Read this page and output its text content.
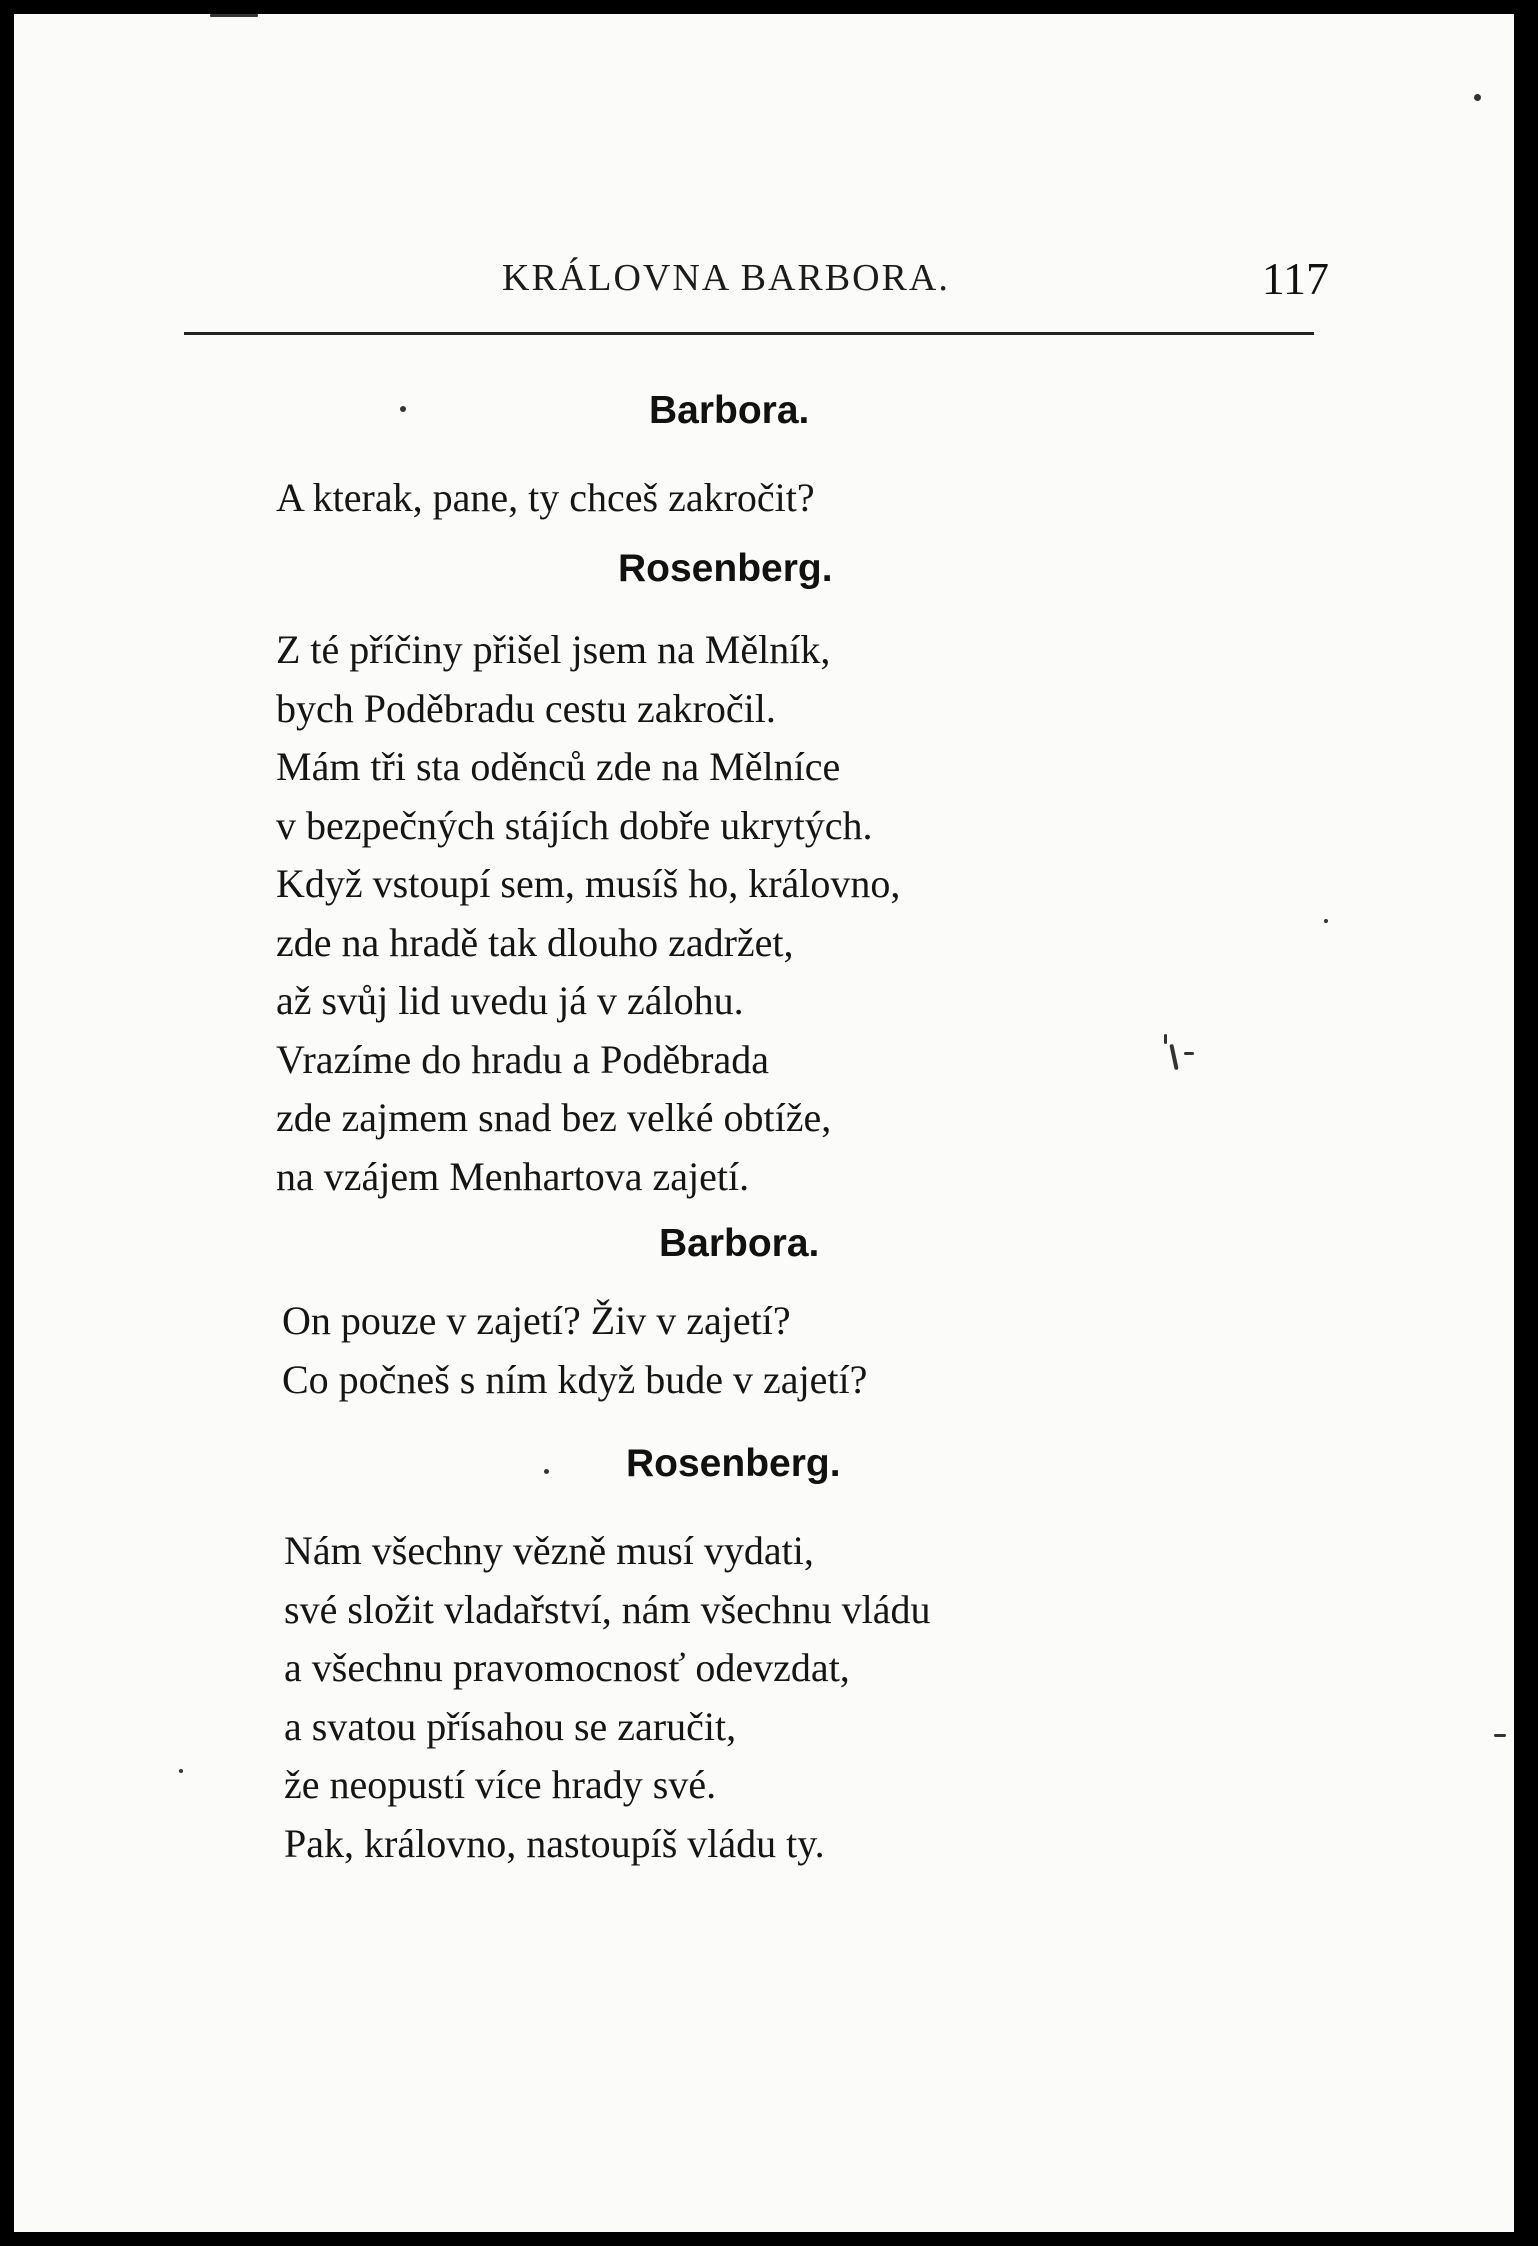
KRÁLOVNA BARBORA.	117
Barbora.
A kterak, pane, ty chceš zakročit?
Rosenberg.
Z té příčiny přišel jsem na Mělník,
bych Poděbradu cestu zakročil.
Mám tři sta oděnců zde na Mělníce
v bezpečných stájích dobře ukrytých.
Když vstoupí sem, musíš ho, královno,
zde na hradě tak dlouho zadržet,
až svůj lid uvedu já v zálohu.
Vrazíme do hradu a Poděbrada
zde zajmem snad bez velké obtíže,
na vzájem Menhartova zajetí.
Barbora.
On pouze v zajetí? Živ v zajetí?
Co počneš s ním když bude v zajetí?
Rosenberg.
Nám všechny vězně musí vydati,
své složit vladařství, nám všechnu vládu
a všechnu pravomocnosť odevzdat,
a svatou přísahou se zaručit,
že neopustí více hrady své.
Pak, královno, nastoupíš vládu ty.
